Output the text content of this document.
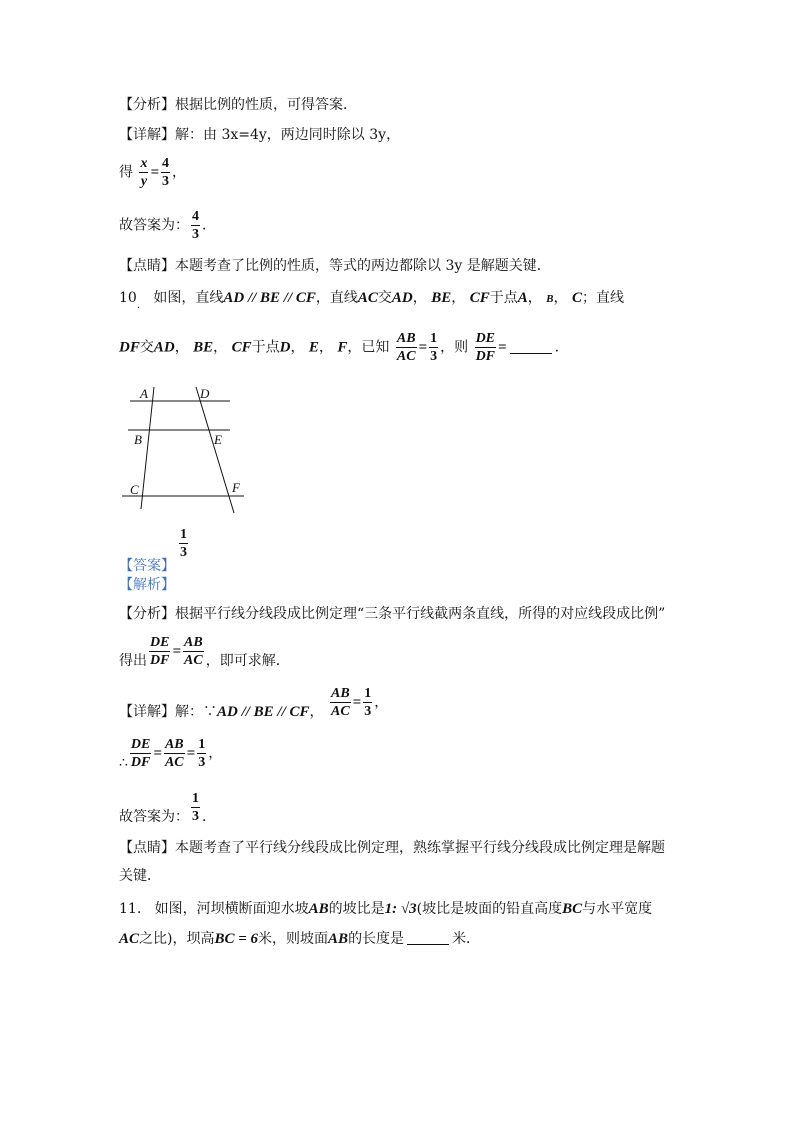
【分析】根据比例的性质，可得答案．
【详解】解：由 3x=4y，两边同时除以 3y，
得 $\frac{x}{y} = \frac{4}{3}$ ，
故答案为： $\frac{4}{3}$ ．
【点睛】本题考查了比例的性质，等式的两边都除以 3y 是解题关键．
$10_.$ 如图，直线AD // BE // CF，直线AC交AD， BE， CF于点A， B， C；直线
DF交AD， BE， CF于点D， E， F，已知 $\frac{AB}{AC} = \frac{1}{3}$ ，则 $\frac{DE}{DF}$ =	．
A	D
B	E
C	F
【答案】
$\frac{1}{3}$
【解析】
【分析】根据平行线分线段成比例定理“三条平行线截两条直线，所得的对应线段成比例”
得出 $\frac{DE}{DF} = \frac{AB}{AC}$ ，即可求解．
【详解】解：∵AD // BE // CF， $\frac{AB}{AC} = \frac{1}{3}$ ，
∴ $\frac{DE}{DF} = \frac{AB}{AC} = \frac{1}{3}$ ，
故答案为： $\frac{1}{3}$ ．
【点睛】本题考查了平行线分线段成比例定理，熟练掌握平行线分线段成比例定理是解题
关键．
11. 如图，河坝横断面迎水坡AB的坡比是1: √3(坡比是坡面的铅直高度BC与水平宽度
AC之比)，坝高BC = 6米，则坡面AB的长度是	米．
